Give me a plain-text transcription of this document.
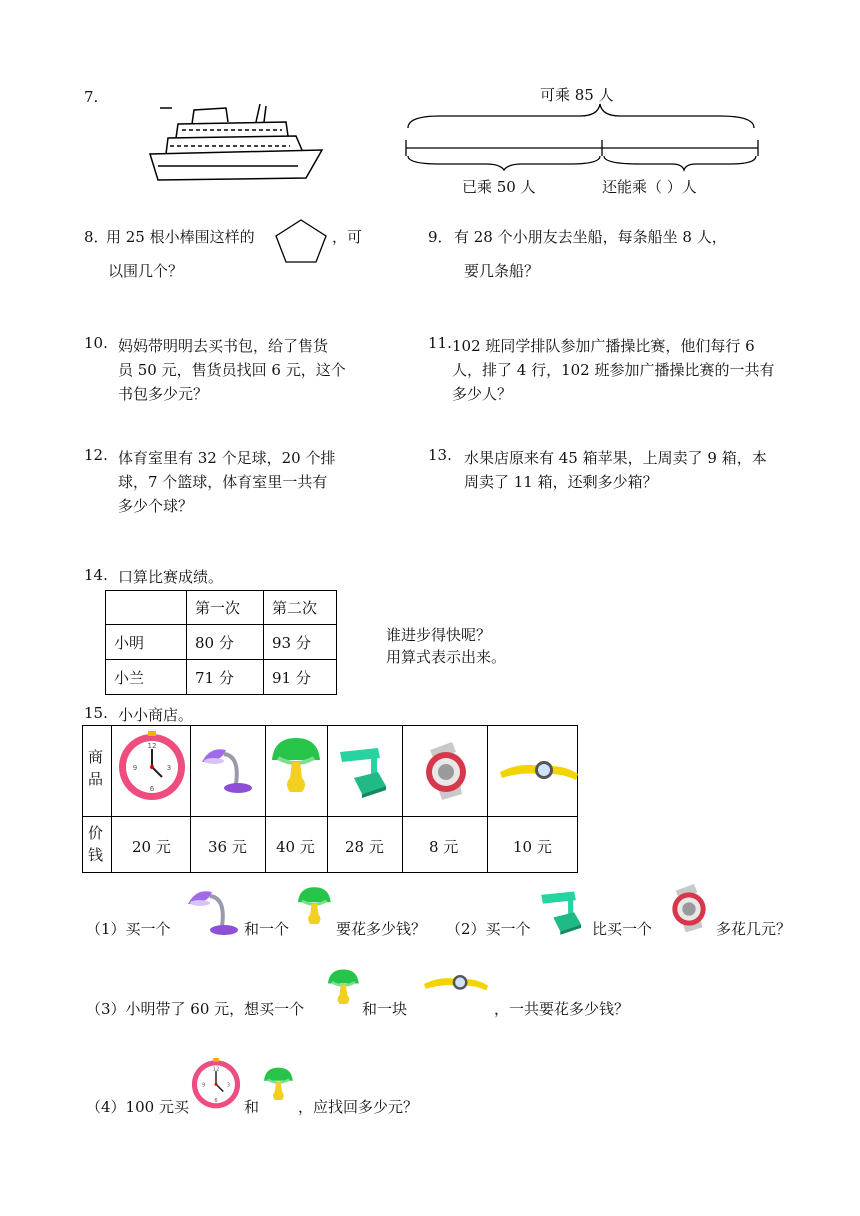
12
3
6
9
7.	可乘 85 人
已乘 50 人	还能乘（ ）人
8．
用 25 根小棒围这样的	，可
以围几个？
9． 有 28 个小朋友去坐船，每条船坐 8 人，
要几条船？
10. 妈妈带明明去买书包，给了售货
员 50 元，售货员找回 6 元，这个
书包多少元？
11. 102 班同学排队参加广播操比赛，他们每行 6
人，排了 4 行，102 班参加广播操比赛的一共有
多少人？
12. 体育室里有 32 个足球，20 个排
球，7 个篮球，体育室里一共有
多少个球？
13. 水果店原来有 45 箱苹果，上周卖了 9 箱，本
周卖了 11 箱，还剩多少箱？
14. 口算比赛成绩。
	第一次	第二次
小明	80 分	93 分
小兰	71 分	91 分
谁进步得快呢？
用算式表示出来。
15. 小小商店。
商品
价钱 20 元 36 元 40 元 28 元	8 元	10 元
（1）买一个	和一个	要花多少钱？ （2）买一个	比买一个	多花几元？
（3）小明带了 60 元，想买一个	和一块	，一共要花多少钱？
（4）100 元买	和	，应找回多少元？
